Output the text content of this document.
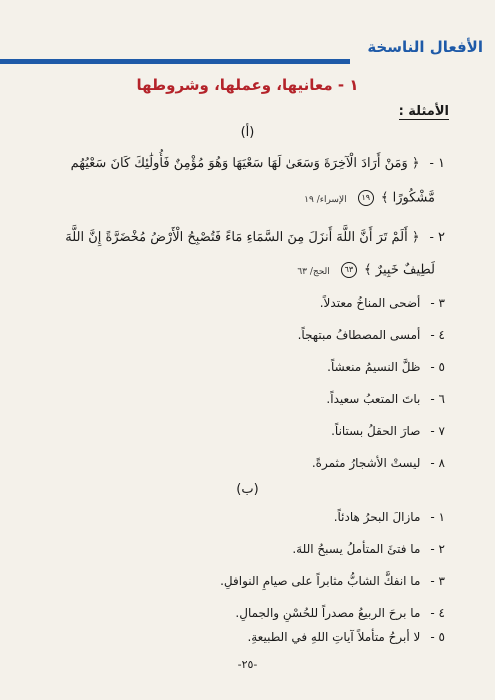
الأفعال الناسخة
١ - معانيها، وعملها، وشروطها
الأمثلة :
(أ)
١ -﴿ وَمَنْ أَرَادَ الْآخِرَةَ وَسَعَىٰ لَهَا سَعْيَهَا وَهُوَ مُؤْمِنٌ فَأُولَٰئِكَ كَانَ سَعْيُهُم
مَّشْكُورًا ﴾ ١٩ الإسراء/ ١٩
٢ -﴿ أَلَمْ تَرَ أَنَّ اللَّهَ أَنزَلَ مِنَ السَّمَاءِ مَاءً فَتُصْبِحُ الْأَرْضُ مُخْضَرَّةً إِنَّ اللَّهَ
لَطِيفٌ خَبِيرٌ ﴾ ٦٣ الحج/ ٦٣
٣ -أضحى المناخُ معتدلاً.
٤ -أمسى المصطافُ مبتهجاً.
٥ -ظلَّ النسيمُ منعشاً.
٦ -باتَ المتعبُ سعيداً.
٧ -صارَ الحقلُ بستاناً.
٨ -ليستْ الأشجارُ مثمرةً.
(ب)
١ -مازالَ البحرُ هادئاً.
٢ -ما فتئَ المتأملُ يسبحُ اللهَ.
٣ -ما انفكَّ الشابُّ مثابراً على صيامِ النوافلِ.
٤ -ما برحَ الربيعُ مصدراً للحُسْنِ والجمالِ.
٥ -لا أبرحُ متأملاً آياتِ اللهِ في الطبيعةِ.
-٢٥-
